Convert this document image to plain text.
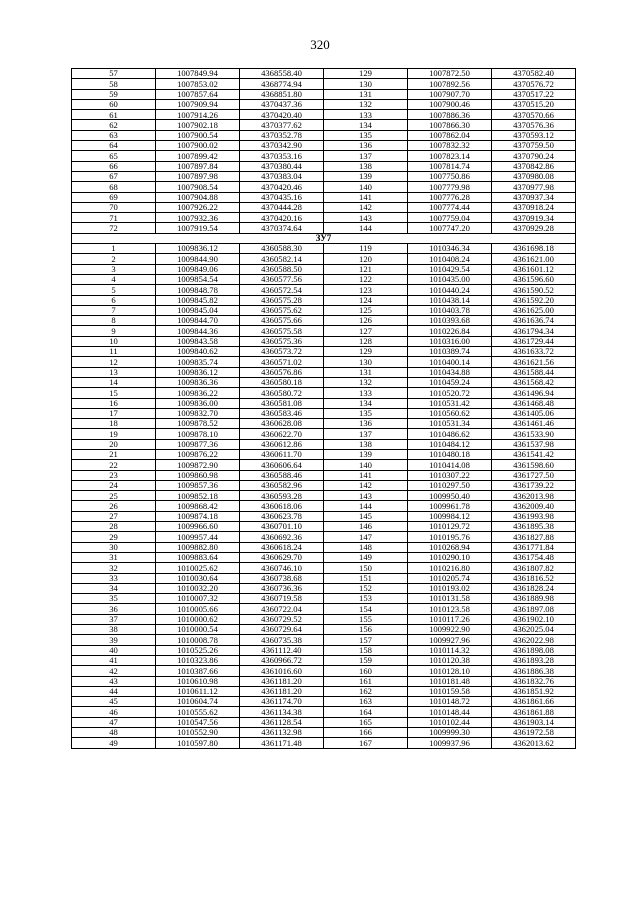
320
57	1007849.94	4368558.40	129	1007872.50	4370582.40
58	1007853.02	4368774.94	130	1007892.56	4370576.72
59	1007857.64	4368851.80	131	1007907.70	4370517.22
60	1007909.94	4370437.36	132	1007900.46	4370515.20
61	1007914.26	4370420.40	133	1007886.36	4370570.66
62	1007902.18	4370377.62	134	1007866.30	4370576.36
63	1007900.54	4370352.78	135	1007862.04	4370593.12
64	1007900.02	4370342.90	136	1007832.32	4370759.50
65	1007899.42	4370353.16	137	1007823.14	4370790.24
66	1007897.84	4370380.44	138	1007814.74	4370842.86
67	1007897.98	4370383.04	139	1007750.86	4370980.08
68	1007908.54	4370420.46	140	1007779.98	4370977.98
69	1007904.88	4370435.16	141	1007776.28	4370937.34
70	1007926.22	4370444.28	142	1007774.44	4370918.24
71	1007932.36	4370420.16	143	1007759.04	4370919.34
72	1007919.54	4370374.64	144	1007747.20	4370929.28
ЗУ7					
1	1009836.12	4360588.30	119	1010346.34	4361698.18
2	1009844.90	4360582.14	120	1010408.24	4361621.00
3	1009849.06	4360588.50	121	1010429.54	4361601.12
4	1009854.54	4360577.56	122	1010435.00	4361596.60
5	1009848.78	4360572.54	123	1010440.24	4361590.52
6	1009845.82	4360575.28	124	1010438.14	4361592.20
7	1009845.04	4360575.62	125	1010403.78	4361625.00
8	1009844.70	4360575.66	126	1010393.68	4361636.74
9	1009844.36	4360575.58	127	1010226.84	4361794.34
10	1009843.58	4360575.36	128	1010316.00	4361729.44
11	1009840.62	4360573.72	129	1010389.74	4361633.72
12	1009835.74	4360571.02	130	1010400.14	4361621.56
13	1009836.12	4360576.86	131	1010434.88	4361588.44
14	1009836.36	4360580.18	132	1010459.24	4361568.42
15	1009836.22	4360580.72	133	1010520.72	4361496.94
16	1009836.00	4360581.08	134	1010531.42	4361468.48
17	1009832.70	4360583.46	135	1010560.62	4361405.06
18	1009878.52	4360628.08	136	1010531.34	4361461.46
19	1009878.10	4360622.70	137	1010486.62	4361533.90
20	1009877.36	4360612.86	138	1010484.12	4361537.98
21	1009876.22	4360611.70	139	1010480.18	4361541.42
22	1009872.90	4360606.64	140	1010414.08	4361598.60
23	1009860.98	4360588.46	141	1010307.22	4361727.50
24	1009857.36	4360582.96	142	1010297.50	4361739.22
25	1009852.18	4360593.28	143	1009950.40	4362013.98
26	1009868.42	4360618.06	144	1009961.78	4362009.40
27	1009874.18	4360623.78	145	1009984.12	4361993.98
28	1009966.60	4360701.10	146	1010129.72	4361895.38
29	1009957.44	4360692.36	147	1010195.76	4361827.88
30	1009882.80	4360618.24	148	1010268.94	4361771.84
31	1009883.64	4360629.70	149	1010290.10	4361754.48
32	1010025.62	4360746.10	150	1010216.80	4361807.82
33	1010030.64	4360738.68	151	1010205.74	4361816.52
34	1010032.20	4360736.36	152	1010193.02	4361828.24
35	1010007.32	4360719.58	153	1010131.58	4361889.98
36	1010005.66	4360722.04	154	1010123.58	4361897.08
37	1010000.62	4360729.52	155	1010117.26	4361902.10
38	1010000.54	4360729.64	156	1009922.90	4362025.04
39	1010008.78	4360735.38	157	1009927.96	4362022.98
40	1010525.26	4361112.40	158	1010114.32	4361898.08
41	1010323.86	4360966.72	159	1010120.38	4361893.28
42	1010387.66	4361016.60	160	1010128.10	4361886.38
43	1010610.98	4361181.20	161	1010181.48	4361832.76
44	1010611.12	4361181.20	162	1010159.58	4361851.92
45	1010604.74	4361174.70	163	1010148.72	4361861.66
46	1010555.62	4361134.38	164	1010148.44	4361861.88
47	1010547.56	4361128.54	165	1010102.44	4361903.14
48	1010552.90	4361132.98	166	1009999.30	4361972.58
49	1010597.80	4361171.48	167	1009937.96	4362013.62
